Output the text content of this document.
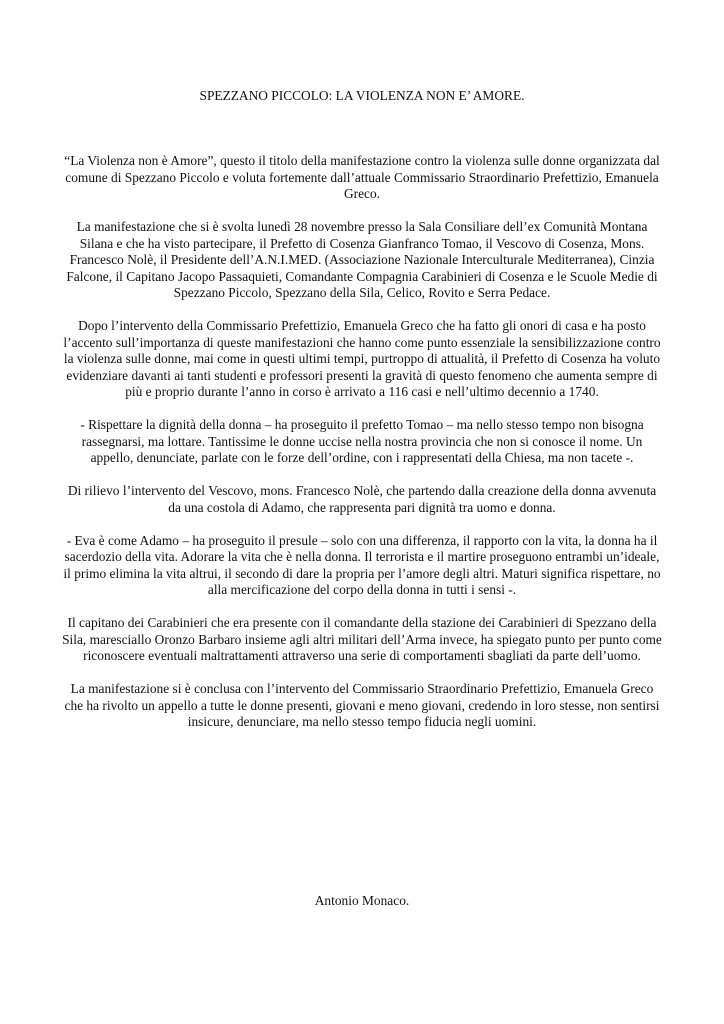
SPEZZANO PICCOLO: LA VIOLENZA NON E’ AMORE.

“La Violenza non è Amore”, questo il titolo della manifestazione contro la violenza sulle donne organizzata dal comune di Spezzano Piccolo e voluta fortemente dall’attuale Commissario Straordinario Prefettizio, Emanuela Greco.

La manifestazione che si è svolta lunedì 28 novembre presso la Sala Consiliare dell’ex Comunità Montana Silana e che ha visto partecipare, il Prefetto di Cosenza Gianfranco Tomao, il Vescovo di Cosenza, Mons. Francesco Nolè, il Presidente dell’A.N.I.MED. (Associazione Nazionale Interculturale Mediterranea), Cinzia Falcone, il Capitano Jacopo Passaquieti, Comandante Compagnia Carabinieri di Cosenza e le Scuole Medie di Spezzano Piccolo, Spezzano della Sila, Celico, Rovito e Serra Pedace.

Dopo l’intervento della Commissario Prefettizio, Emanuela Greco che ha fatto gli onori di casa e ha posto l’accento sull’importanza di queste manifestazioni che hanno come punto essenziale la sensibilizzazione contro la violenza sulle donne, mai come in questi ultimi tempi, purtroppo di attualità, il Prefetto di Cosenza ha voluto evidenziare davanti ai tanti studenti e professori presenti la gravità di questo fenomeno che aumenta sempre di più e proprio durante l’anno in corso è arrivato a 116 casi e nell’ultimo decennio a 1740.

- Rispettare la dignità della donna – ha proseguito il prefetto Tomao – ma nello stesso tempo non bisogna rassegnarsi, ma lottare. Tantissime le donne uccise nella nostra provincia che non si conosce il nome. Un appello, denunciate, parlate con le forze dell’ordine, con i rappresentati della Chiesa, ma non tacete -.

Di rilievo l’intervento del Vescovo, mons. Francesco Nolè, che partendo dalla creazione della donna avvenuta da una costola di Adamo, che rappresenta pari dignità tra uomo e donna.

- Eva è come Adamo – ha proseguito il presule – solo con una differenza, il rapporto con la vita, la donna ha il sacerdozio della vita. Adorare la vita che è nella donna. Il terrorista e il martire proseguono entrambi un’ideale, il primo elimina la vita altrui, il secondo di dare la propria per l’amore degli altri. Maturi significa rispettare, no alla mercificazione del corpo della donna in tutti i sensi -.

Il capitano dei Carabinieri che era presente con il comandante della stazione dei Carabinieri di Spezzano della Sila, maresciallo Oronzo Barbaro insieme agli altri militari dell’Arma invece, ha spiegato punto per punto come riconoscere eventuali maltrattamenti attraverso una serie di comportamenti sbagliati da parte dell’uomo.

La manifestazione si è conclusa con l’intervento del Commissario Straordinario Prefettizio, Emanuela Greco che ha rivolto un appello a tutte le donne presenti, giovani e meno giovani, credendo in loro stesse, non sentirsi insicure, denunciare, ma nello stesso tempo fiducia negli uomini.

Antonio Monaco.
